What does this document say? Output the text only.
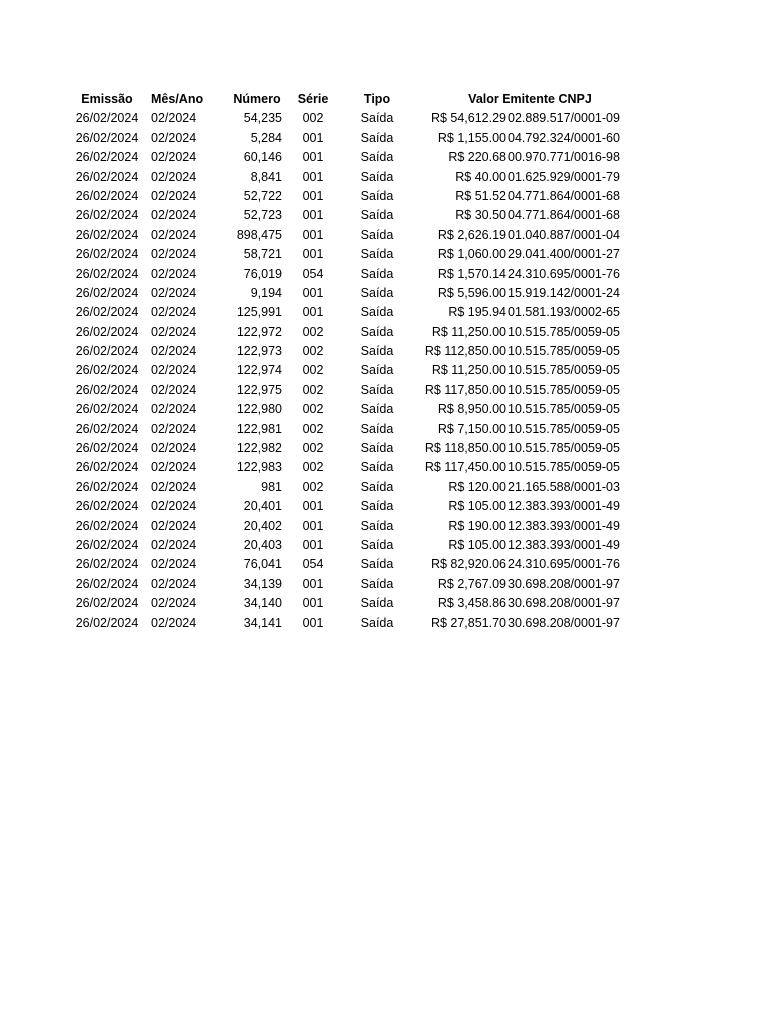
Emissão	Mês/Ano	Número	Série	Tipo	Valor Emitente CNPJ
26/02/2024	02/2024	54,235	002	Saída	R$ 54,612.29 02.889.517/0001-09
26/02/2024	02/2024	5,284	001	Saída	R$ 1,155.00 04.792.324/0001-60
26/02/2024	02/2024	60,146	001	Saída	R$ 220.68 00.970.771/0016-98
26/02/2024	02/2024	8,841	001	Saída	R$ 40.00 01.625.929/0001-79
26/02/2024	02/2024	52,722	001	Saída	R$ 51.52 04.771.864/0001-68
26/02/2024	02/2024	52,723	001	Saída	R$ 30.50 04.771.864/0001-68
26/02/2024	02/2024	898,475	001	Saída	R$ 2,626.19 01.040.887/0001-04
26/02/2024	02/2024	58,721	001	Saída	R$ 1,060.00 29.041.400/0001-27
26/02/2024	02/2024	76,019	054	Saída	R$ 1,570.14 24.310.695/0001-76
26/02/2024	02/2024	9,194	001	Saída	R$ 5,596.00 15.919.142/0001-24
26/02/2024	02/2024	125,991	001	Saída	R$ 195.94 01.581.193/0002-65
26/02/2024	02/2024	122,972	002	Saída	R$ 11,250.00 10.515.785/0059-05
26/02/2024	02/2024	122,973	002	Saída	R$ 112,850.00 10.515.785/0059-05
26/02/2024	02/2024	122,974	002	Saída	R$ 11,250.00 10.515.785/0059-05
26/02/2024	02/2024	122,975	002	Saída	R$ 117,850.00 10.515.785/0059-05
26/02/2024	02/2024	122,980	002	Saída	R$ 8,950.00 10.515.785/0059-05
26/02/2024	02/2024	122,981	002	Saída	R$ 7,150.00 10.515.785/0059-05
26/02/2024	02/2024	122,982	002	Saída	R$ 118,850.00 10.515.785/0059-05
26/02/2024	02/2024	122,983	002	Saída	R$ 117,450.00 10.515.785/0059-05
26/02/2024	02/2024	981	002	Saída	R$ 120.00 21.165.588/0001-03
26/02/2024	02/2024	20,401	001	Saída	R$ 105.00 12.383.393/0001-49
26/02/2024	02/2024	20,402	001	Saída	R$ 190.00 12.383.393/0001-49
26/02/2024	02/2024	20,403	001	Saída	R$ 105.00 12.383.393/0001-49
26/02/2024	02/2024	76,041	054	Saída	R$ 82,920.06 24.310.695/0001-76
26/02/2024	02/2024	34,139	001	Saída	R$ 2,767.09 30.698.208/0001-97
26/02/2024	02/2024	34,140	001	Saída	R$ 3,458.86 30.698.208/0001-97
26/02/2024	02/2024	34,141	001	Saída	R$ 27,851.70 30.698.208/0001-97
